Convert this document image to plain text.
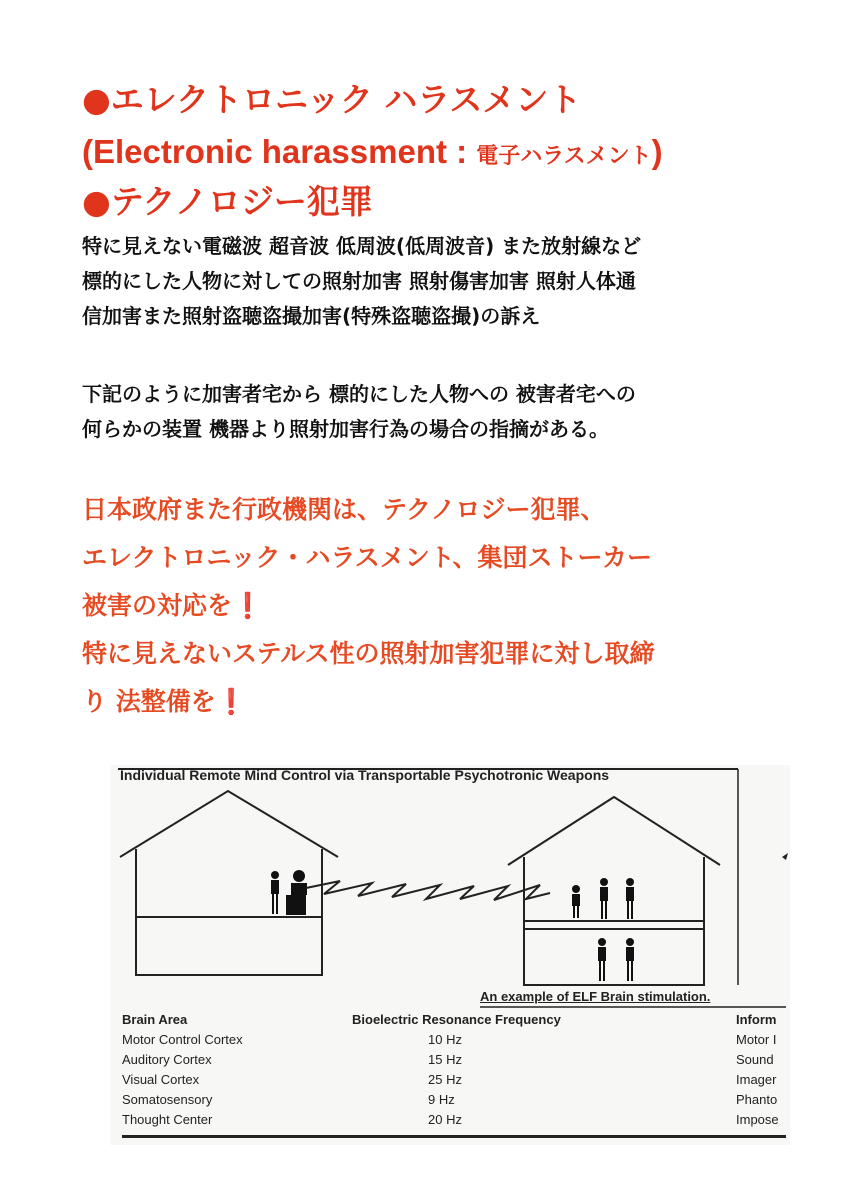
●エレクトロニック ハラスメント
(Electronic harassment : 電子ハラスメント)
●テクノロジー犯罪
特に見えない電磁波 超音波 低周波(低周波音) また放射線など
標的にした人物に対しての照射加害 照射傷害加害 照射人体通
信加害また照射盗聴盗撮加害(特殊盗聴盗撮)の訴え
下記のように加害者宅から 標的にした人物への 被害者宅への
何らかの装置 機器より照射加害行為の場合の指摘がある。
日本政府また行政機関は、テクノロジー犯罪、
エレクトロニック・ハラスメント、集団ストーカー
被害の対応を❗
特に見えないステルス性の照射加害犯罪に対し取締
り 法整備を❗
Individual Remote Mind Control via Transportable Psychotronic Weapons
An example of ELF Brain stimulation.
Brain Area	Bioelectric Resonance Frequency	Inform
Motor Control Cortex	10 Hz	Motor I
Auditory Cortex	15 Hz	Sound
Visual Cortex	25 Hz	Imager
Somatosensory	9 Hz	Phanto
Thought Center	20 Hz	Impose
